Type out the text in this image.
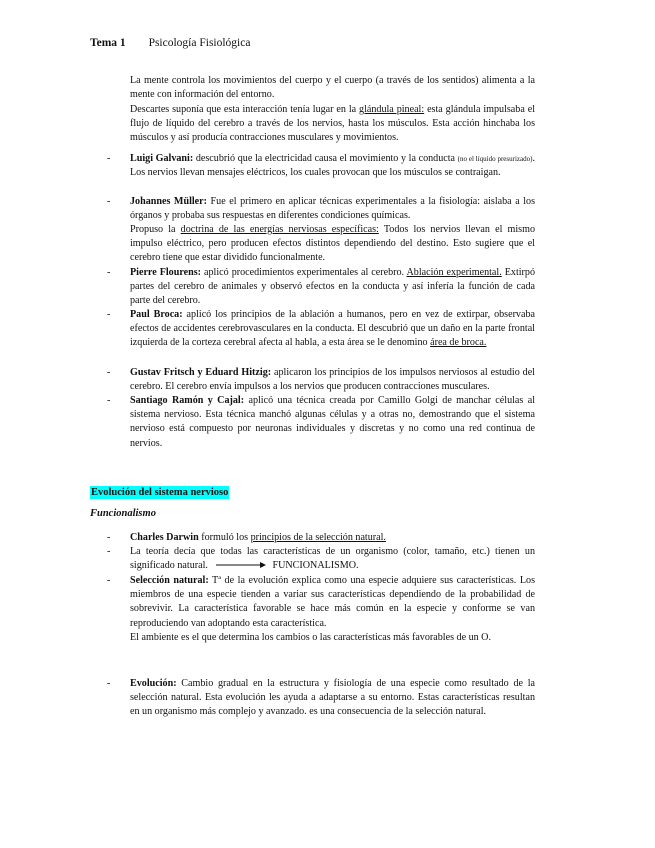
Tema 1 Psicología Fisiológica
La mente controla los movimientos del cuerpo y el cuerpo (a través de los sentidos) alimenta a la mente con información del entorno.
Descartes suponía que esta interacción tenía lugar en la glándula pineal: esta glándula impulsaba el flujo de líquido del cerebro a través de los nervios, hasta los músculos. Esta acción hinchaba los músculos y así producía contracciones musculares y movimientos.
- Luigi Galvani: descubrió que la electricidad causa el movimiento y la conducta (no el líquido presurizado). Los nervios llevan mensajes eléctricos, los cuales provocan que los músculos se contraigan.
- Johannes Müller: Fue el primero en aplicar técnicas experimentales a la fisiología: aislaba a los órganos y probaba sus respuestas en diferentes condiciones químicas.
Propuso la doctrina de las energías nerviosas específicas: Todos los nervios llevan el mismo impulso eléctrico, pero producen efectos distintos dependiendo del destino. Esto sugiere que el cerebro tiene que estar dividido funcionalmente.
- Pierre Flourens: aplicó procedimientos experimentales al cerebro. Ablación experimental. Extirpó partes del cerebro de animales y observó efectos en la conducta y así infería la función de cada parte del cerebro.
- Paul Broca: aplicó los principios de la ablación a humanos, pero en vez de extirpar, observaba efectos de accidentes cerebrovasculares en la conducta. El descubrió que un daño en la parte frontal izquierda de la corteza cerebral afecta al habla, a esta área se le denomino área de broca.
- Gustav Fritsch y Eduard Hitzig: aplicaron los principios de los impulsos nerviosos al estudio del cerebro. El cerebro envía impulsos a los nervios que producen contracciones musculares.
- Santiago Ramón y Cajal: aplicó una técnica creada por Camillo Golgi de manchar células al sistema nervioso. Esta técnica manchó algunas células y a otras no, demostrando que el sistema nervioso está compuesto por neuronas individuales y discretas y no como una red continua de nervios.
Evolución del sistema nervioso
Funcionalismo
- Charles Darwin formuló los principios de la selección natural.
- La teoría decía que todas las características de un organismo (color, tamaño, etc.) tienen un significado natural.	FUNCIONALISMO.
- Selección natural: Tª de la evolución explica como una especie adquiere sus características. Los miembros de una especie tienden a variar sus características dependiendo de la probabilidad de sobrevivir. La característica favorable se hace más común en la especie y conforme se van reproduciendo van adoptando esta característica.
El ambiente es el que determina los cambios o las características más favorables de un O.
- Evolución: Cambio gradual en la estructura y fisiología de una especie como resultado de la selección natural. Esta evolución les ayuda a adaptarse a su entorno. Estas características resultan en un organismo más complejo y avanzado. es una consecuencia de la selección natural.
